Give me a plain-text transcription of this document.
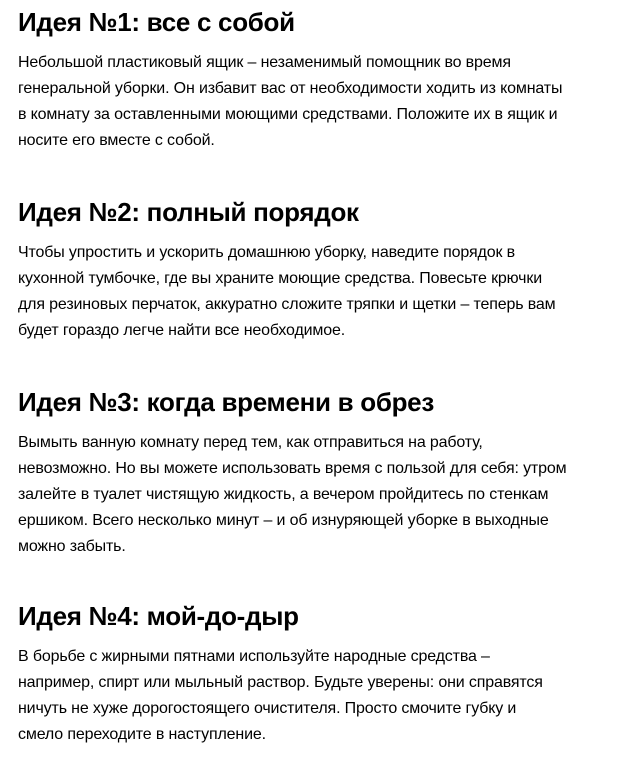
Идея №1: все с собой
Небольшой пластиковый ящик – незаменимый помощник во время
генеральной уборки. Он избавит вас от необходимости ходить из комнаты
в комнату за оставленными моющими средствами. Положите их в ящик и
носите его вместе с собой.
Идея №2: полный порядок
Чтобы упростить и ускорить домашнюю уборку, наведите порядок в
кухонной тумбочке, где вы храните моющие средства. Повесьте крючки
для резиновых перчаток, аккуратно сложите тряпки и щетки – теперь вам
будет гораздо легче найти все необходимое.
Идея №3: когда времени в обрез
Вымыть ванную комнату перед тем, как отправиться на работу,
невозможно. Но вы можете использовать время с пользой для себя: утром
залейте в туалет чистящую жидкость, а вечером пройдитесь по стенкам
ершиком. Всего несколько минут – и об изнуряющей уборке в выходные
можно забыть.
Идея №4: мой-до-дыр
В борьбе с жирными пятнами используйте народные средства –
например, спирт или мыльный раствор. Будьте уверены: они справятся
ничуть не хуже дорогостоящего очистителя. Просто смочите губку и
смело переходите в наступление.
